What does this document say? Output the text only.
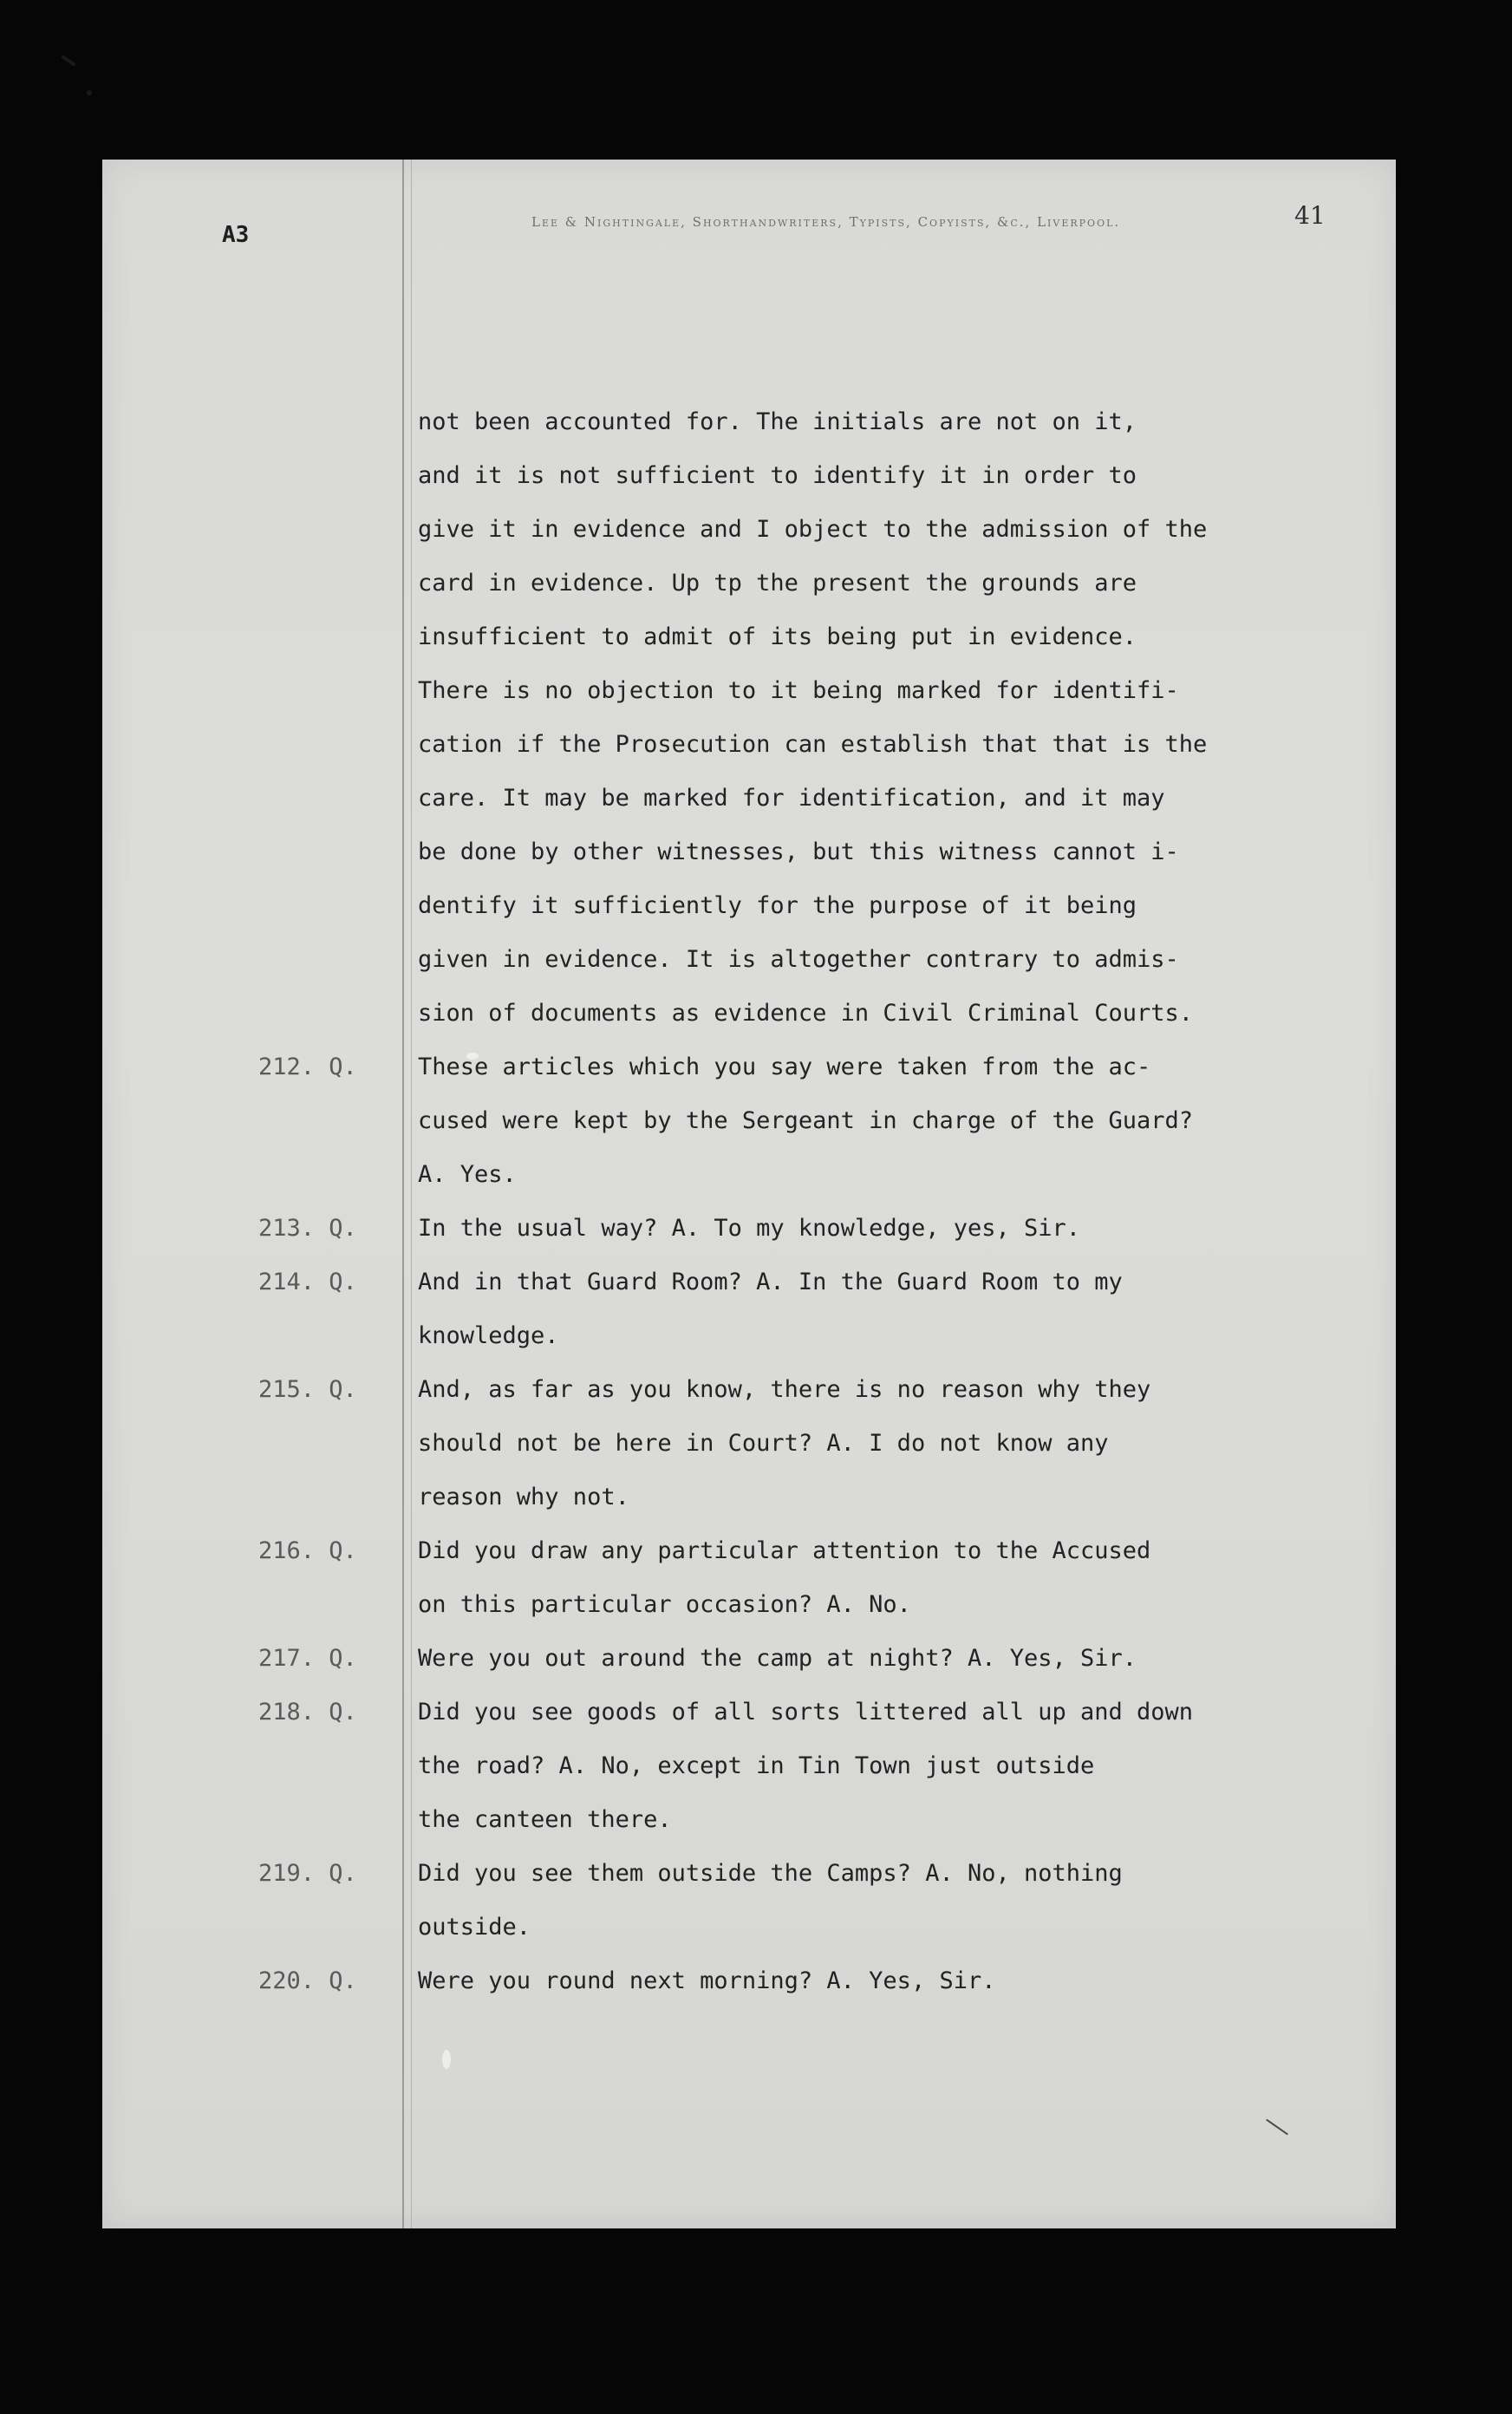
A3	Lee & Nightingale, Shorthandwriters, Typists, Copyists, &c., Liverpool.	41
not been accounted for. The initials are not on it,
and it is not sufficient to identify it in order to
give it in evidence and I object to the admission of the
card in evidence. Up tp the present the grounds are
insufficient to admit of its being put in evidence.
There is no objection to it being marked for identifi-
cation if the Prosecution can establish that that is the
care. It may be marked for identification, and it may
be done by other witnesses, but this witness cannot i-
dentify it sufficiently for the purpose of it being
given in evidence. It is altogether contrary to admis-
sion of documents as evidence in Civil Criminal Courts.
212. Q.	These articles which you say were taken from the ac-
cused were kept by the Sergeant in charge of the Guard?
A. Yes.
213. Q.	In the usual way? A. To my knowledge, yes, Sir.
214. Q.	And in that Guard Room? A. In the Guard Room to my
knowledge.
215. Q.	And, as far as you know, there is no reason why they
should not be here in Court? A. I do not know any
reason why not.
216. Q.	Did you draw any particular attention to the Accused
on this particular occasion? A. No.
217. Q.	Were you out around the camp at night? A. Yes, Sir.
218. Q.	Did you see goods of all sorts littered all up and down
the road? A. No, except in Tin Town just outside
the canteen there.
219. Q.	Did you see them outside the Camps? A. No, nothing
outside.
220. Q.	Were you round next morning? A. Yes, Sir.
